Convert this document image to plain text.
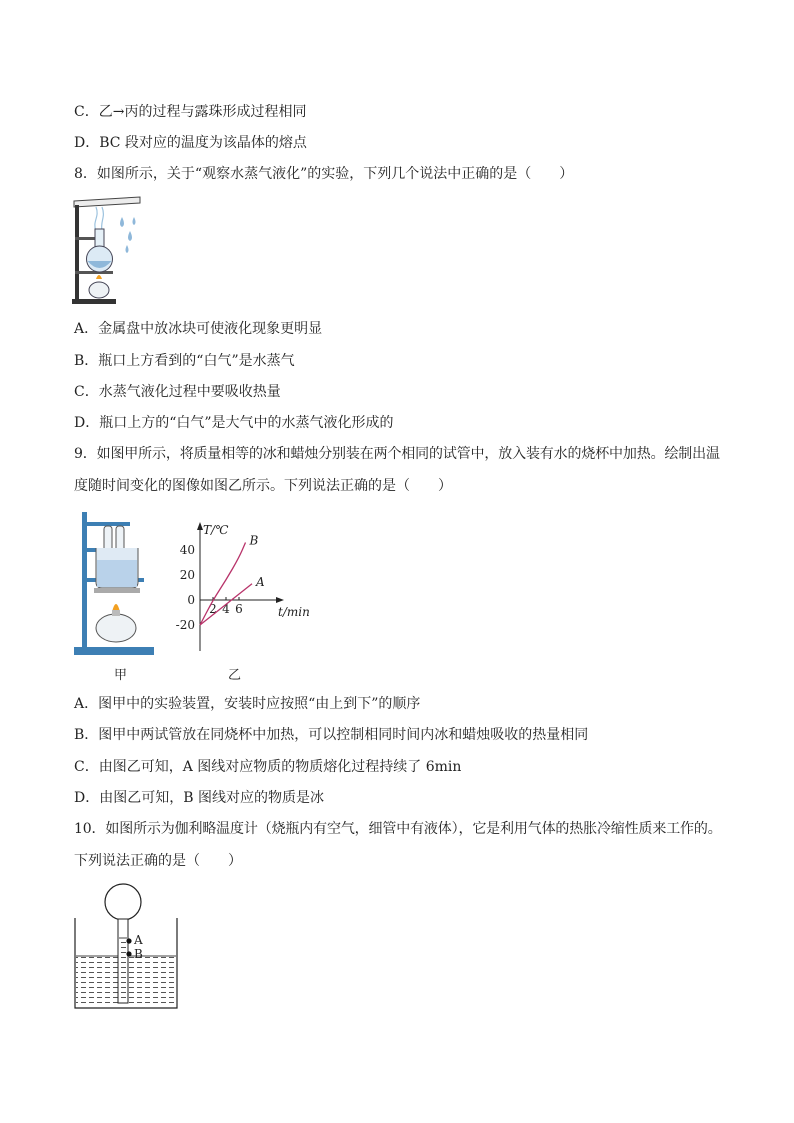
C．乙→丙的过程与露珠形成过程相同
D．BC 段对应的温度为该晶体的熔点
8．如图所示，关于“观察水蒸气液化”的实验，下列几个说法中正确的是（　　）
A．金属盘中放冰块可使液化现象更明显
B．瓶口上方看到的“白气”是水蒸气
C．水蒸气液化过程中要吸收热量
D．瓶口上方的“白气”是大气中的水蒸气液化形成的
9．如图甲所示，将质量相等的冰和蜡烛分别装在两个相同的试管中，放入装有水的烧杯中加热。绘制出温
度随时间变化的图像如图乙所示。下列说法正确的是（　　）
T/℃
t/min
40
20
0
-20
2 4 6
A
B
甲	乙
A．图甲中的实验装置，安装时应按照“由上到下”的顺序
B．图甲中两试管放在同烧杯中加热，可以控制相同时间内冰和蜡烛吸收的热量相同
C．由图乙可知，A 图线对应物质的物质熔化过程持续了 6min
D．由图乙可知，B 图线对应的物质是冰
10．如图所示为伽利略温度计（烧瓶内有空气，细管中有液体），它是利用气体的热胀冷缩性质来工作的。
下列说法正确的是（　　）
A
B
